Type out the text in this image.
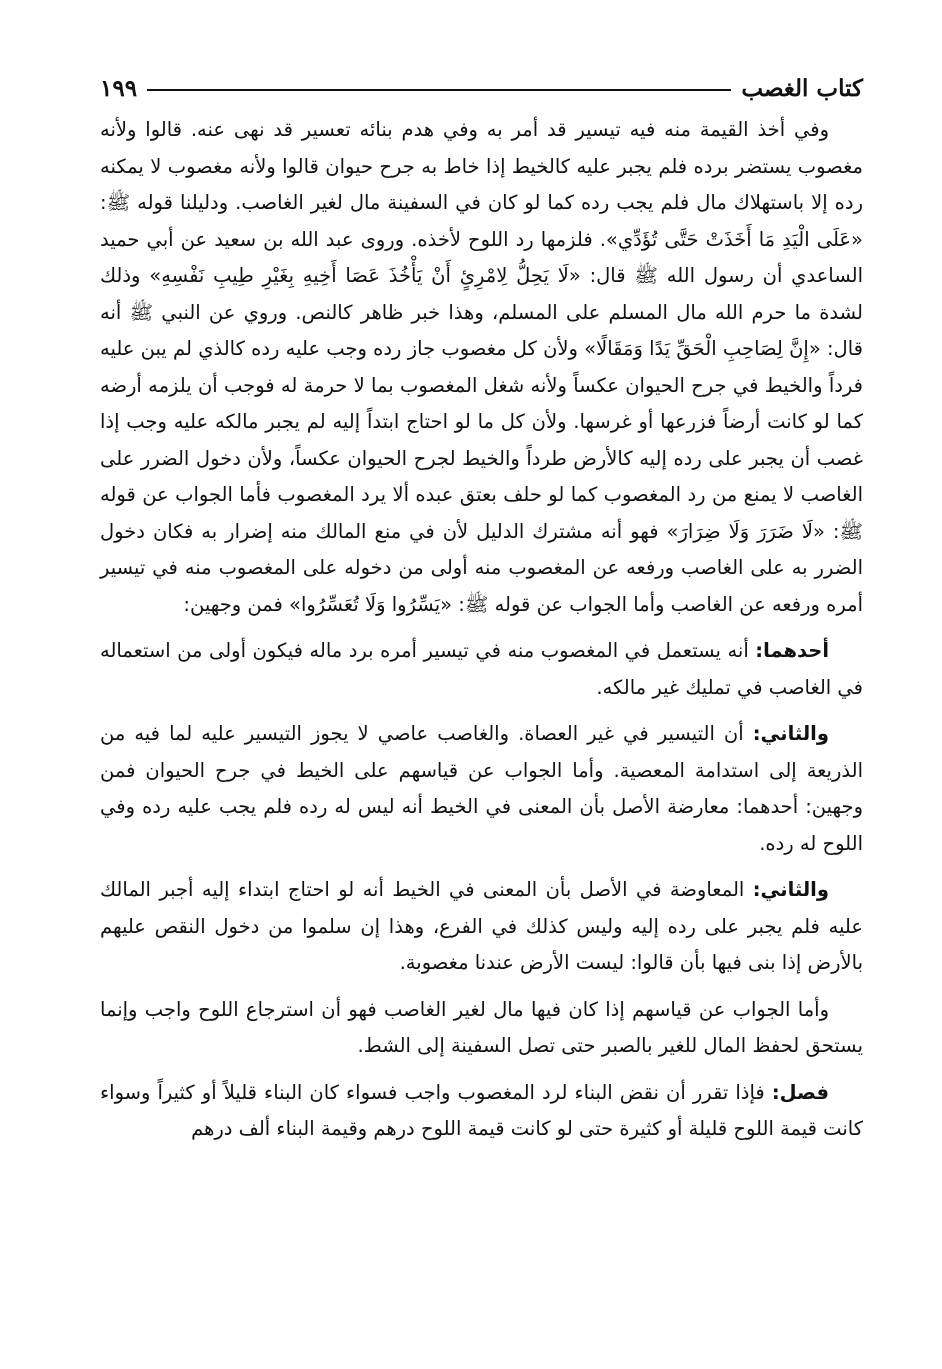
كتاب الغصب
١٩٩

وفي أخذ القيمة منه فيه تيسير قد أمر به وفي هدم بنائه تعسير قد نهى عنه. قالوا ولأنه مغصوب يستضر برده فلم يجبر عليه كالخيط إذا خاط به جرح حيوان قالوا ولأنه مغصوب لا يمكنه رده إلا باستهلاك مال فلم يجب رده كما لو كان في السفينة مال لغير الغاصب. ودليلنا قوله ﷺ: «عَلَى الْيَدِ مَا أَخَذَتْ حَتَّى تُؤَدِّي». فلزمها رد اللوح لأخذه. وروى عبد الله بن سعيد عن أبي حميد الساعدي أن رسول الله ﷺ قال: «لَا يَحِلُّ لِامْرِئٍ أَنْ يَأْخُذَ عَصَا أَخِيهِ بِغَيْرِ طِيبِ نَفْسِهِ» وذلك لشدة ما حرم الله مال المسلم على المسلم، وهذا خبر ظاهر كالنص. وروي عن النبي ﷺ أنه قال: «إِنَّ لِصَاحِبِ الْحَقِّ يَدًا وَمَقَالًا» ولأن كل مغصوب جاز رده وجب عليه رده كالذي لم يبن عليه فرداً والخيط في جرح الحيوان عكساً ولأنه شغل المغصوب بما لا حرمة له فوجب أن يلزمه أرضه كما لو كانت أرضاً فزرعها أو غرسها. ولأن كل ما لو احتاج ابتداً إليه لم يجبر مالكه عليه وجب إذا غصب أن يجبر على رده إليه كالأرض طرداً والخيط لجرح الحيوان عكساً، ولأن دخول الضرر على الغاصب لا يمنع من رد المغصوب كما لو حلف بعتق عبده ألا يرد المغصوب فأما الجواب عن قوله ﷺ: «لَا ضَرَرَ وَلَا ضِرَارَ» فهو أنه مشترك الدليل لأن في منع المالك منه إضرار به فكان دخول الضرر به على الغاصب ورفعه عن المغصوب منه أولى من دخوله على المغصوب منه في تيسير أمره ورفعه عن الغاصب وأما الجواب عن قوله ﷺ: «يَسِّرُوا وَلَا تُعَسِّرُوا» فمن وجهين:

أحدهما: أنه يستعمل في المغصوب منه في تيسير أمره برد ماله فيكون أولى من استعماله في الغاصب في تمليك غير مالكه.

والثاني: أن التيسير في غير العصاة. والغاصب عاصي لا يجوز التيسير عليه لما فيه من الذريعة إلى استدامة المعصية. وأما الجواب عن قياسهم على الخيط في جرح الحيوان فمن وجهين: أحدهما: معارضة الأصل بأن المعنى في الخيط أنه ليس له رده فلم يجب عليه رده وفي اللوح له رده.

والثاني: المعاوضة في الأصل بأن المعنى في الخيط أنه لو احتاج ابتداء إليه أجبر المالك عليه فلم يجبر على رده إليه وليس كذلك في الفرع، وهذا إن سلموا من دخول النقص عليهم بالأرض إذا بنى فيها بأن قالوا: ليست الأرض عندنا مغصوبة.

وأما الجواب عن قياسهم إذا كان فيها مال لغير الغاصب فهو أن استرجاع اللوح واجب وإنما يستحق لحفظ المال للغير بالصبر حتى تصل السفينة إلى الشط.

فصل: فإذا تقرر أن نقض البناء لرد المغصوب واجب فسواء كان البناء قليلاً أو كثيراً وسواء كانت قيمة اللوح قليلة أو كثيرة حتى لو كانت قيمة اللوح درهم وقيمة البناء ألف درهم
